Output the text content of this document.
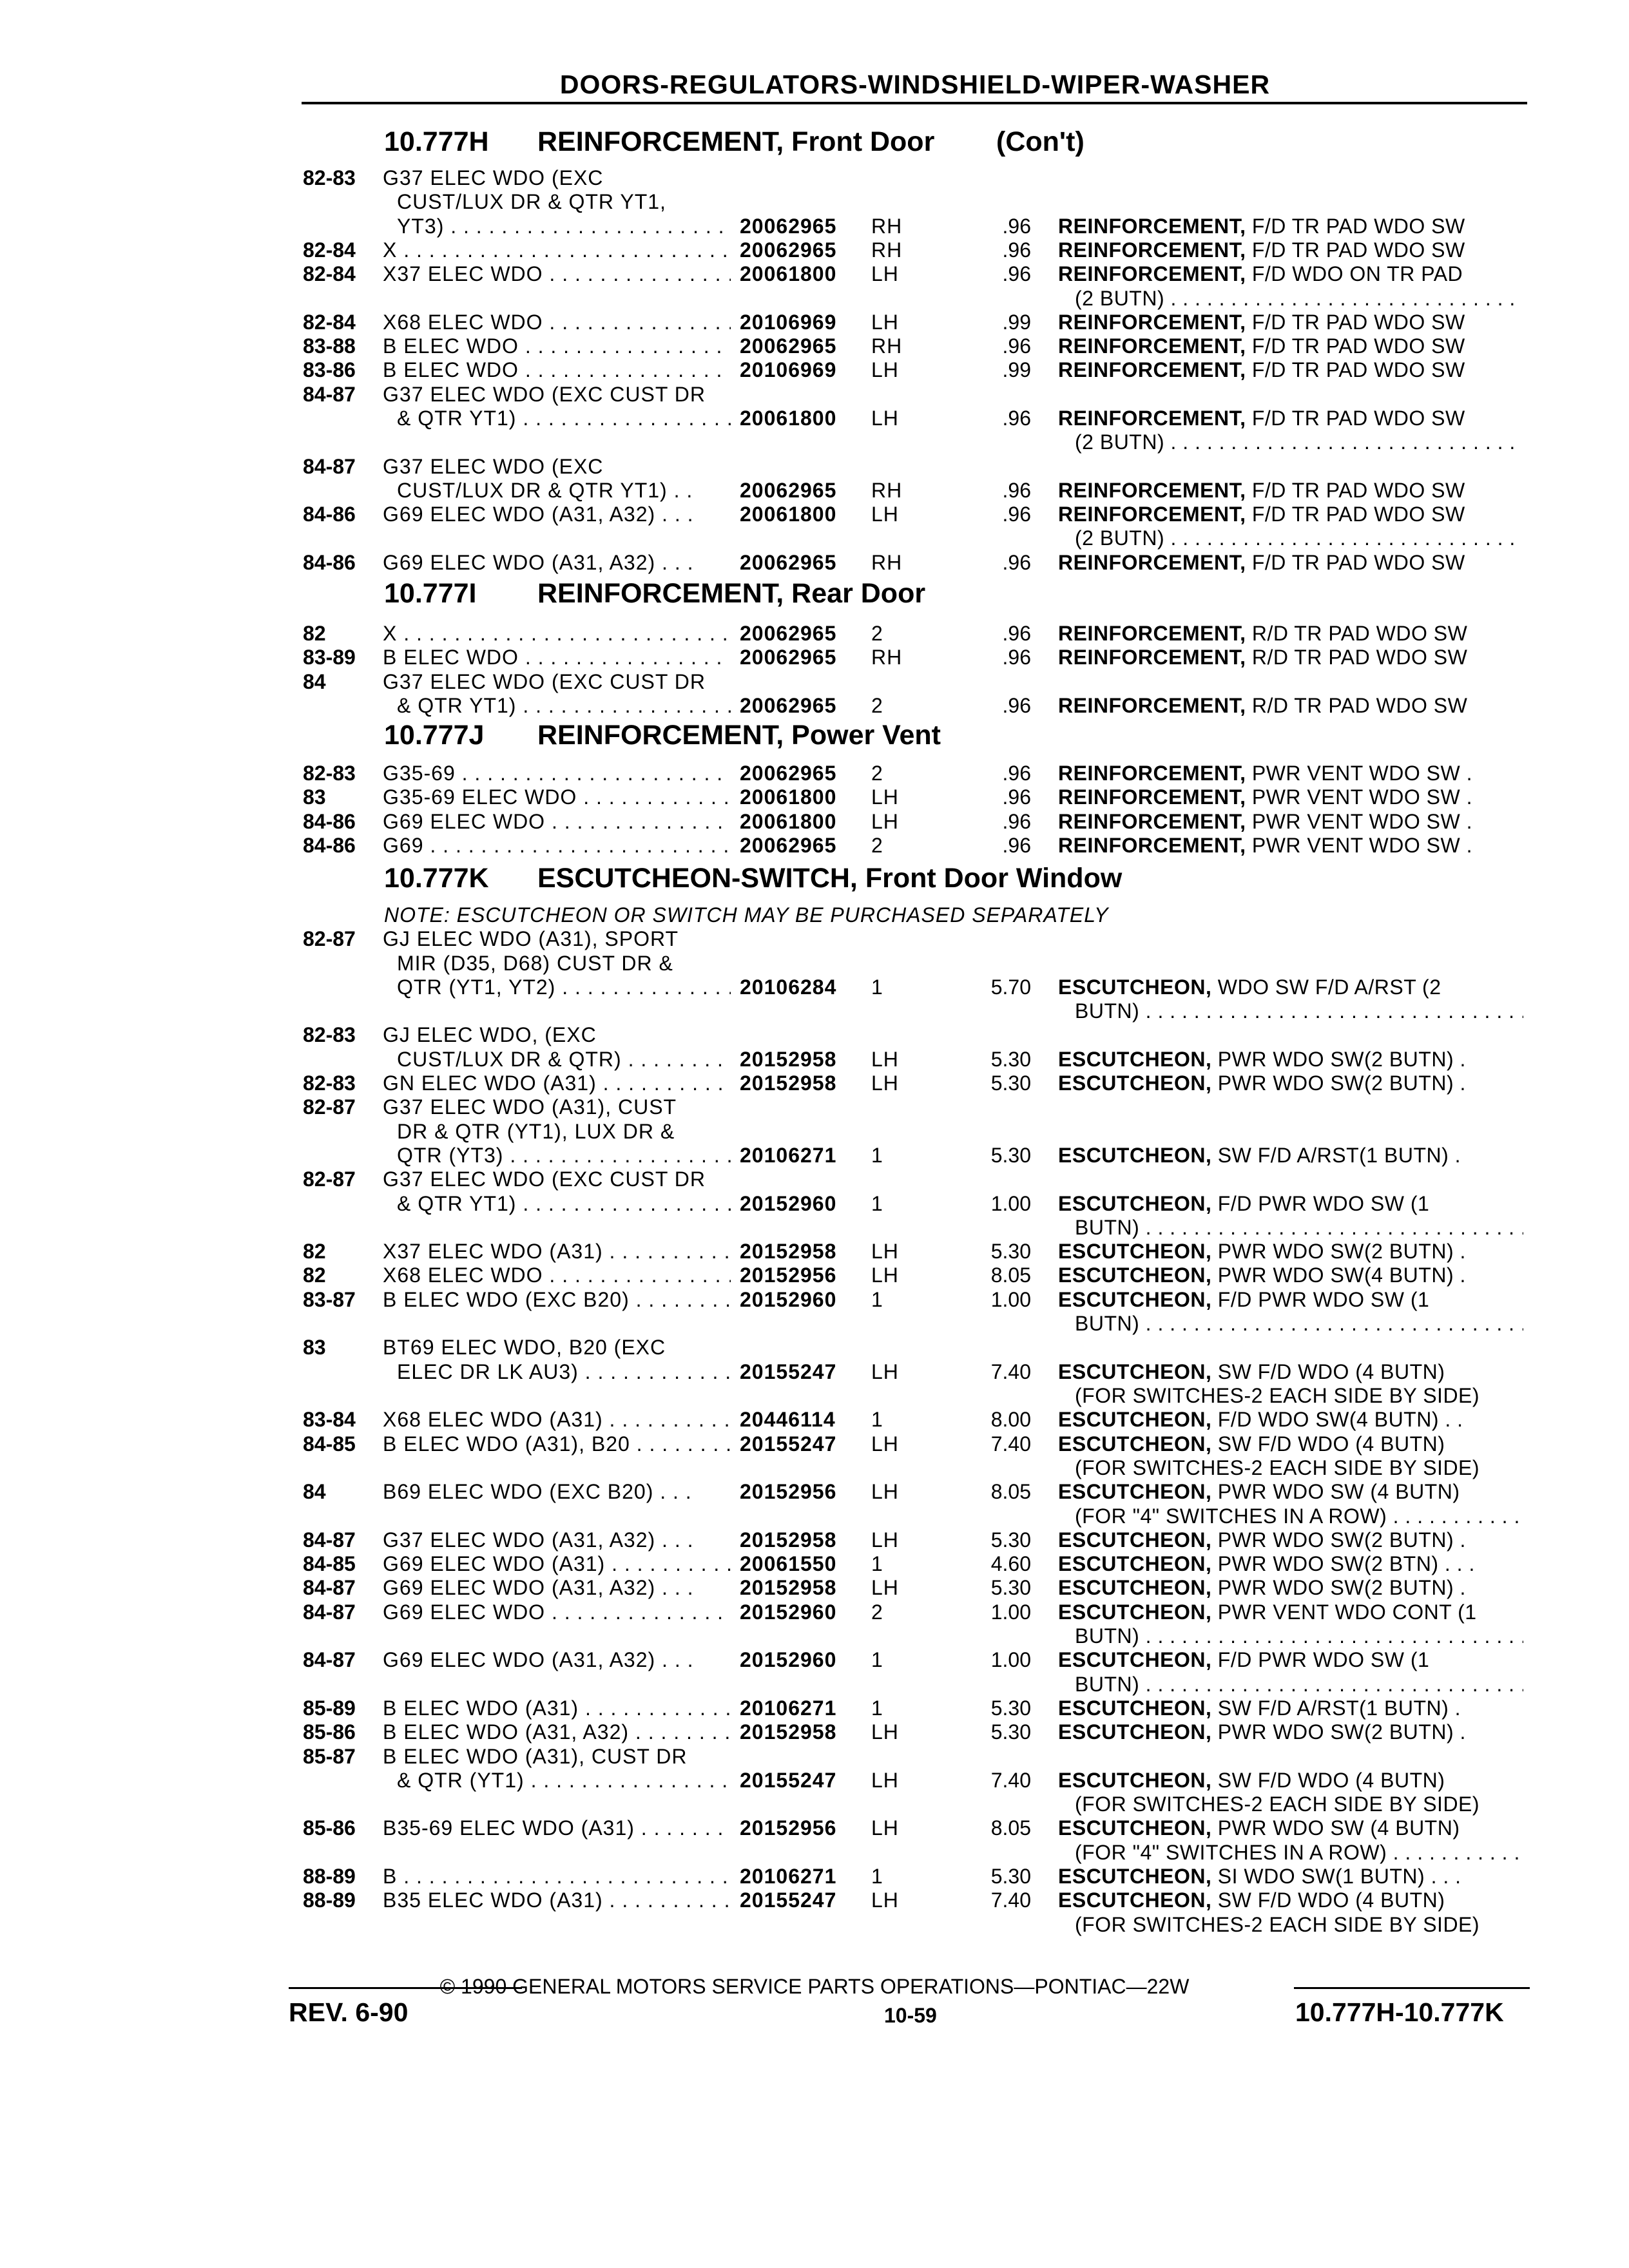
DOORS-REGULATORS-WINDSHIELD-WIPER-WASHER
10.777H REINFORCEMENT, Front Door (Con't)
82-83 G37 ELEC WDO (EXC
CUST/LUX DR & QTR YT1,
YT3) . . .	20062965 RH	.96 REINFORCEMENT, F/D TR PAD WDO SW
82-84 X . . .	20062965 RH	.96 REINFORCEMENT, F/D TR PAD WDO SW
82-84 X37 ELEC WDO . . .	20061800 LH	.96 REINFORCEMENT, F/D WDO ON TR PAD
(2 BUTN) . . .
82-84 X68 ELEC WDO . . .	20106969 LH	.99 REINFORCEMENT, F/D TR PAD WDO SW
83-88 B ELEC WDO . . .	20062965 RH	.96 REINFORCEMENT, F/D TR PAD WDO SW
83-86 B ELEC WDO . . .	20106969 LH	.99 REINFORCEMENT, F/D TR PAD WDO SW
84-87 G37 ELEC WDO (EXC CUST DR
& QTR YT1) . . .	20061800 LH	.96 REINFORCEMENT, F/D TR PAD WDO SW
(2 BUTN) . . .
84-87 G37 ELEC WDO (EXC
CUST/LUX DR & QTR YT1) . .	20062965 RH	.96 REINFORCEMENT, F/D TR PAD WDO SW
84-86 G69 ELEC WDO (A31, A32) . . .	20061800 LH	.96 REINFORCEMENT, F/D TR PAD WDO SW
(2 BUTN) . . .
84-86 G69 ELEC WDO (A31, A32) . . .	20062965 RH	.96 REINFORCEMENT, F/D TR PAD WDO SW
10.777I REINFORCEMENT, Rear Door
82	X . . .	20062965 2	.96 REINFORCEMENT, R/D TR PAD WDO SW
83-89 B ELEC WDO . . .	20062965 RH	.96 REINFORCEMENT, R/D TR PAD WDO SW
84	G37 ELEC WDO (EXC CUST DR
& QTR YT1) . . .	20062965 2	.96 REINFORCEMENT, R/D TR PAD WDO SW
10.777J REINFORCEMENT, Power Vent
82-83 G35-69 . . .	20062965 2	.96 REINFORCEMENT, PWR VENT WDO SW .
83	G35-69 ELEC WDO . . .	20061800 LH	.96 REINFORCEMENT, PWR VENT WDO SW .
84-86 G69 ELEC WDO . . .	20061800 LH	.96 REINFORCEMENT, PWR VENT WDO SW .
84-86 G69 . . .	20062965 2	.96 REINFORCEMENT, PWR VENT WDO SW .
10.777K ESCUTCHEON-SWITCH, Front Door Window
NOTE: ESCUTCHEON OR SWITCH MAY BE PURCHASED SEPARATELY
82-87 GJ ELEC WDO (A31), SPORT
MIR (D35, D68) CUST DR &
QTR (YT1, YT2) . . .	20106284 1	5.70 ESCUTCHEON, WDO SW F/D A/RST (2
BUTN) . . .
82-83 GJ ELEC WDO, (EXC
CUST/LUX DR & QTR) . . .	20152958 LH	5.30 ESCUTCHEON, PWR WDO SW(2 BUTN) .
82-83 GN ELEC WDO (A31) . . .	20152958 LH	5.30 ESCUTCHEON, PWR WDO SW(2 BUTN) .
82-87 G37 ELEC WDO (A31), CUST
DR & QTR (YT1), LUX DR &
QTR (YT3) . . .	20106271 1	5.30 ESCUTCHEON, SW F/D A/RST(1 BUTN) .
82-87 G37 ELEC WDO (EXC CUST DR
& QTR YT1) . . .	20152960 1	1.00 ESCUTCHEON, F/D PWR WDO SW (1
BUTN) . . .
82	X37 ELEC WDO (A31) . . .	20152958 LH	5.30 ESCUTCHEON, PWR WDO SW(2 BUTN) .
82	X68 ELEC WDO . . .	20152956 LH	8.05 ESCUTCHEON, PWR WDO SW(4 BUTN) .
83-87 B ELEC WDO (EXC B20) . . .	20152960 1	1.00 ESCUTCHEON, F/D PWR WDO SW (1
BUTN) . . .
83	BT69 ELEC WDO, B20 (EXC
ELEC DR LK AU3) . . .	20155247 LH	7.40 ESCUTCHEON, SW F/D WDO (4 BUTN)
(FOR SWITCHES-2 EACH SIDE BY SIDE)
83-84 X68 ELEC WDO (A31) . . .	20446114 1	8.00 ESCUTCHEON, F/D WDO SW(4 BUTN) . .
84-85 B ELEC WDO (A31), B20 . . .	20155247 LH	7.40 ESCUTCHEON, SW F/D WDO (4 BUTN)
(FOR SWITCHES-2 EACH SIDE BY SIDE)
84	B69 ELEC WDO (EXC B20) . . .	20152956 LH	8.05 ESCUTCHEON, PWR WDO SW (4 BUTN)
(FOR "4" SWITCHES IN A ROW) . . .
84-87 G37 ELEC WDO (A31, A32) . . .	20152958 LH	5.30 ESCUTCHEON, PWR WDO SW(2 BUTN) .
84-85 G69 ELEC WDO (A31) . . .	20061550 1	4.60 ESCUTCHEON, PWR WDO SW(2 BTN) . . .
84-87 G69 ELEC WDO (A31, A32) . . .	20152958 LH	5.30 ESCUTCHEON, PWR WDO SW(2 BUTN) .
84-87 G69 ELEC WDO . . .	20152960 2	1.00 ESCUTCHEON, PWR VENT WDO CONT (1
BUTN) . . .
84-87 G69 ELEC WDO (A31, A32) . . .	20152960 1	1.00 ESCUTCHEON, F/D PWR WDO SW (1
BUTN) . . .
85-89 B ELEC WDO (A31) . . .	20106271 1	5.30 ESCUTCHEON, SW F/D A/RST(1 BUTN) .
85-86 B ELEC WDO (A31, A32) . . .	20152958 LH	5.30 ESCUTCHEON, PWR WDO SW(2 BUTN) .
85-87 B ELEC WDO (A31), CUST DR
& QTR (YT1) . . .	20155247 LH	7.40 ESCUTCHEON, SW F/D WDO (4 BUTN)
(FOR SWITCHES-2 EACH SIDE BY SIDE)
85-86 B35-69 ELEC WDO (A31) . . .	20152956 LH	8.05 ESCUTCHEON, PWR WDO SW (4 BUTN)
(FOR "4" SWITCHES IN A ROW) . . .
88-89 B . . .	20106271 1	5.30 ESCUTCHEON, SI WDO SW(1 BUTN) . . .
88-89 B35 ELEC WDO (A31) . . .	20155247 LH	7.40 ESCUTCHEON, SW F/D WDO (4 BUTN)
(FOR SWITCHES-2 EACH SIDE BY SIDE)
© 1990 GENERAL MOTORS SERVICE PARTS OPERATIONS—PONTIAC—22W
REV. 6-90	10-59	10.777H-10.777K
